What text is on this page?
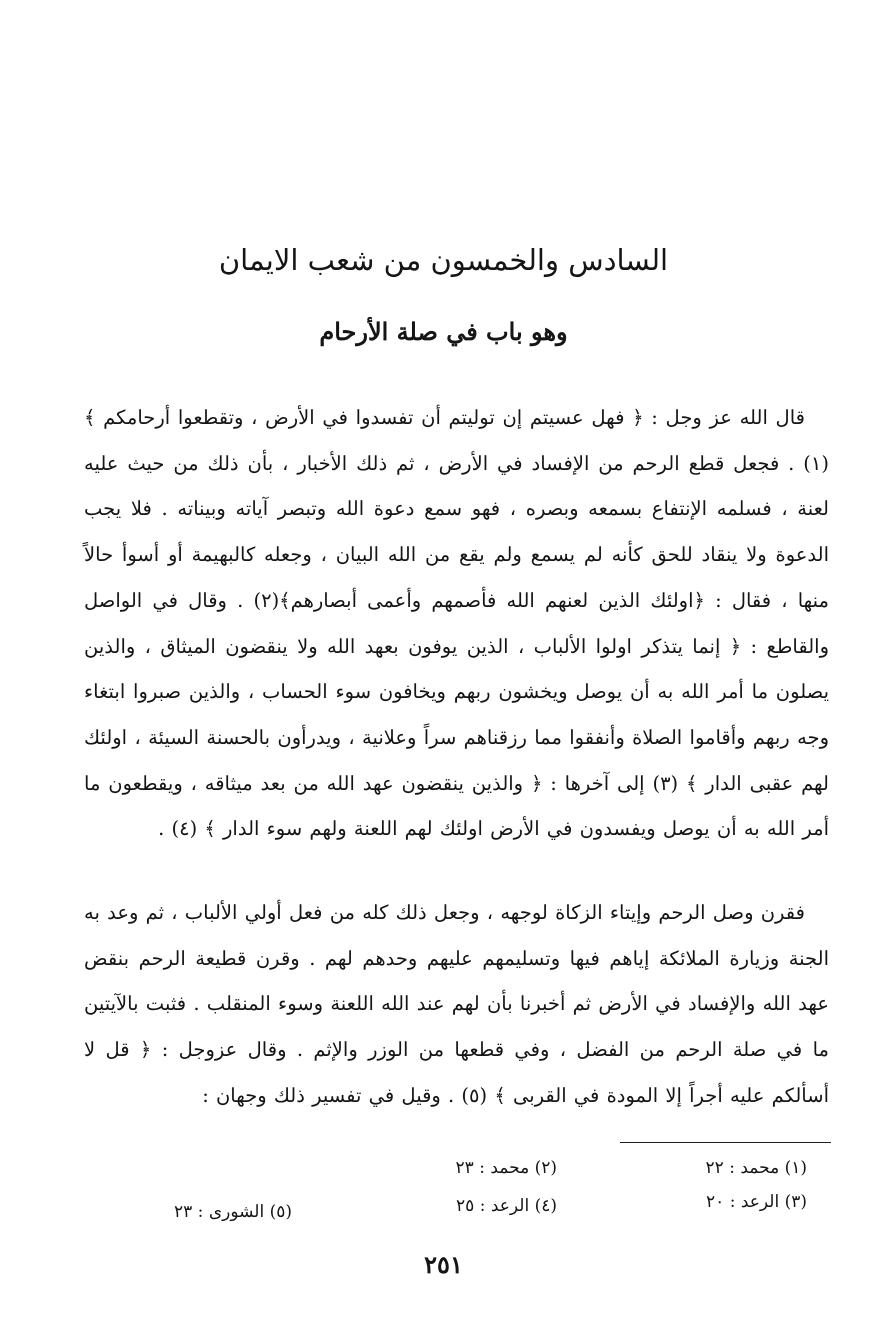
السادس والخمسون من شعب الايمان
وهو باب في صلة الأرحام

قال الله عز وجل : ﴿ فهل عسيتم إن توليتم أن تفسدوا في الأرض ، وتقطعوا أرحامكم ﴾ (١) . فجعل قطع الرحم من الإفساد في الأرض ، ثم ذلك الأخبار ، بأن ذلك من حيث عليه لعنة ، فسلمه الإنتفاع بسمعه وبصره ، فهو سمع دعوة الله وتبصر آياته وبيناته . فلا يجب الدعوة ولا ينقاد للحق كأنه لم يسمع ولم يقع من الله البيان ، وجعله كالبهيمة أو أسوأ حالاً منها ، فقال : ﴿اولئك الذين لعنهم الله فأصمهم وأعمى أبصارهم﴾(٢) . وقال في الواصل والقاطع : ﴿ إنما يتذكر اولوا الألباب ، الذين يوفون بعهد الله ولا ينقضون الميثاق ، والذين يصلون ما أمر الله به أن يوصل ويخشون ربهم ويخافون سوء الحساب ، والذين صبروا ابتغاء وجه ربهم وأقاموا الصلاة وأنفقوا مما رزقناهم سراً وعلانية ، ويدرأون بالحسنة السيئة ، اولئك لهم عقبى الدار ﴾ (٣) إلى آخرها : ﴿ والذين ينقضون عهد الله من بعد ميثاقه ، ويقطعون ما أمر الله به أن يوصل ويفسدون في الأرض اولئك لهم اللعنة ولهم سوء الدار ﴾ (٤) .

فقرن وصل الرحم وإيتاء الزكاة لوجهه ، وجعل ذلك كله من فعل أولي الألباب ، ثم وعد به الجنة وزيارة الملائكة إياهم فيها وتسليمهم عليهم وحدهم لهم . وقرن قطيعة الرحم بنقض عهد الله والإفساد في الأرض ثم أخبرنا بأن لهم عند الله اللعنة وسوء المنقلب . فثبت بالآيتين ما في صلة الرحم من الفضل ، وفي قطعها من الوزر والإثم . وقال عزوجل : ﴿ قل لا أسألكم عليه أجراً إلا المودة في القربى ﴾ (٥) . وقيل في تفسير ذلك وجهان :

(١) محمد : ٢٢
(٢) محمد : ٢٣
(٣) الرعد : ٢٠
(٤) الرعد : ٢٥
(٥) الشورى : ٢٣
٢٥١
